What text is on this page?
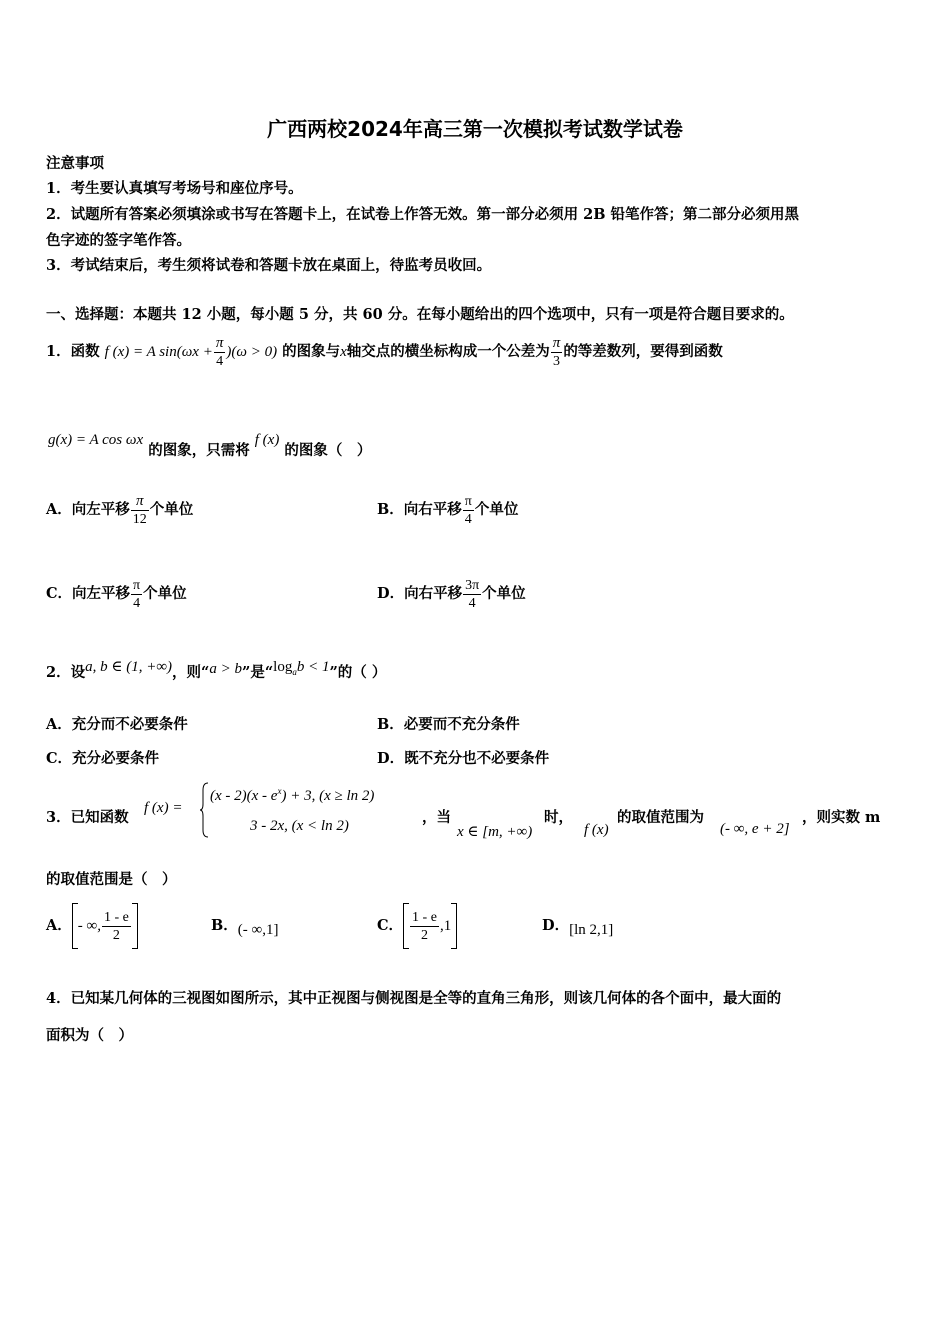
广西两校2024年高三第一次模拟考试数学试卷
注意事项
1．考生要认真填写考场号和座位序号。
2．试题所有答案必须填涂或书写在答题卡上，在试卷上作答无效。第一部分必须用 2B 铅笔作答；第二部分必须用黑
色字迹的签字笔作答。
3．考试结束后，考生须将试卷和答题卡放在桌面上，待监考员收回。
一、选择题：本题共 12 小题，每小题 5 分，共 60 分。在每小题给出的四个选项中，只有一项是符合题目要求的。
1．函数 f (x) = A $\sin(\omega x + \frac{\pi}{4} )(\omega > 0)$ 的图象与x轴交点的横坐标构成一个公差为 $\frac{\pi}{3}$ 的等差数列，要得到函数
g(x) = A cos ωx 的图象，只需将 f (x) 的图象（　）
A．向左平移 $\frac{\pi}{12}$ 个单位	B．向右平移 $\frac{\pi}{4}$ 个单位
C．向左平移 $\frac{\pi}{4}$ 个单位	D．向右平移 $\frac{3\pi}{4}$ 个单位
2．设a, b ∈ (1, +∞)，则“a > b”是“$\log_ab < 1$”的（ ）
A．充分而不必要条件	B．必要而不充分条件
C．充分必要条件	D．既不充分也不必要条件
3．已知函数
f (x) =
$(x - 2)(x - e^x) + 3$, (x ≥ ln 2)
3 - 2x, (x < ln 2)	，当
x ∈ [m, +∞)
时，
f (x)
的取值范围为
(- ∞, e + 2]
，则实数 m
的取值范围是（　）
A． - ∞, $\frac{1 - e}{2}$	B．(- ∞,1]	C． $\frac{1 - e}{2} ,1$	D．[ln 2,1]
4．已知某几何体的三视图如图所示，其中正视图与侧视图是全等的直角三角形，则该几何体的各个面中，最大面的
面积为（　）
